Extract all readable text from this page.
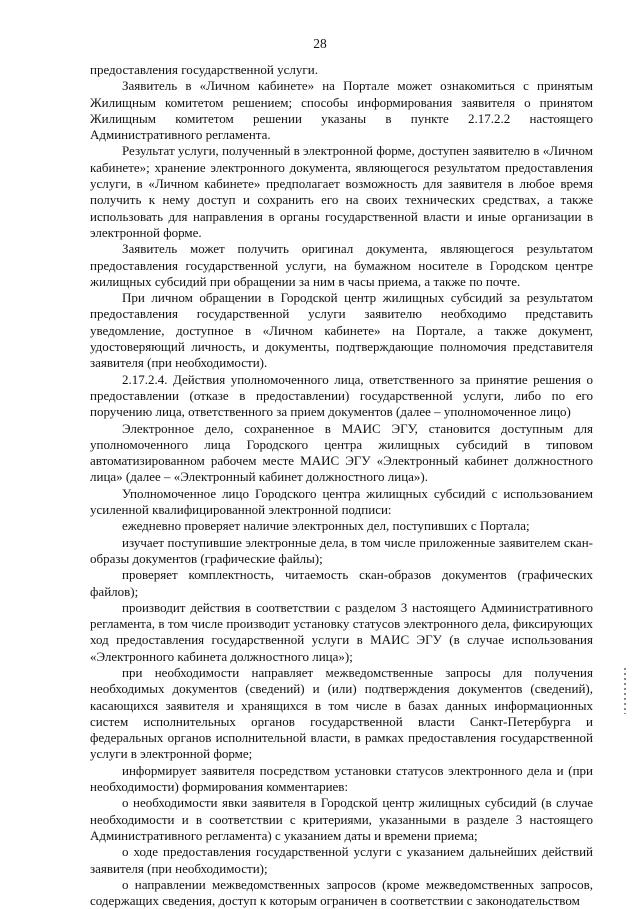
28

предоставления государственной услуги.

Заявитель в «Личном кабинете» на Портале может ознакомиться с принятым Жилищным комитетом решением; способы информирования заявителя о принятом Жилищным комитетом решении указаны в пункте 2.17.2.2 настоящего Административного регламента.

Результат услуги, полученный в электронной форме, доступен заявителю в «Личном кабинете»; хранение электронного документа, являющегося результатом предоставления услуги, в «Личном кабинете» предполагает возможность для заявителя в любое время получить к нему доступ и сохранить его на своих технических средствах, а также использовать для направления в органы государственной власти и иные организации в электронной форме.

Заявитель может получить оригинал документа, являющегося результатом предоставления государственной услуги, на бумажном носителе в Городском центре жилищных субсидий при обращении за ним в часы приема, а также по почте.

При личном обращении в Городской центр жилищных субсидий за результатом предоставления государственной услуги заявителю необходимо представить уведомление, доступное в «Личном кабинете» на Портале, а также документ, удостоверяющий личность, и документы, подтверждающие полномочия представителя заявителя (при необходимости).

2.17.2.4. Действия уполномоченного лица, ответственного за принятие решения о предоставлении (отказе в предоставлении) государственной услуги, либо по его поручению лица, ответственного за прием документов (далее – уполномоченное лицо)

Электронное дело, сохраненное в МАИС ЭГУ, становится доступным для уполномоченного лица Городского центра жилищных субсидий в типовом автоматизированном рабочем месте МАИС ЭГУ «Электронный кабинет должностного лица» (далее – «Электронный кабинет должностного лица»).

Уполномоченное лицо Городского центра жилищных субсидий с использованием усиленной квалифицированной электронной подписи:

ежедневно проверяет наличие электронных дел, поступивших с Портала;

изучает поступившие электронные дела, в том числе приложенные заявителем скан-образы документов (графические файлы);

проверяет комплектность, читаемость скан-образов документов (графических файлов);

производит действия в соответствии с разделом 3 настоящего Административного регламента, в том числе производит установку статусов электронного дела, фиксирующих ход предоставления государственной услуги в МАИС ЭГУ (в случае использования «Электронного кабинета должностного лица»);

при необходимости направляет межведомственные запросы для получения необходимых документов (сведений) и (или) подтверждения документов (сведений), касающихся заявителя и хранящихся в том числе в базах данных информационных систем исполнительных органов государственной власти Санкт-Петербурга и федеральных органов исполнительной власти, в рамках предоставления государственной услуги в электронной форме;

информирует заявителя посредством установки статусов электронного дела и (при необходимости) формирования комментариев:

о необходимости явки заявителя в Городской центр жилищных субсидий (в случае необходимости и в соответствии с критериями, указанными в разделе 3 настоящего Административного регламента) с указанием даты и времени приема;

о ходе предоставления государственной услуги с указанием дальнейших действий заявителя (при необходимости);

о направлении межведомственных запросов (кроме межведомственных запросов, содержащих сведения, доступ к которым ограничен в соответствии с законодательством
